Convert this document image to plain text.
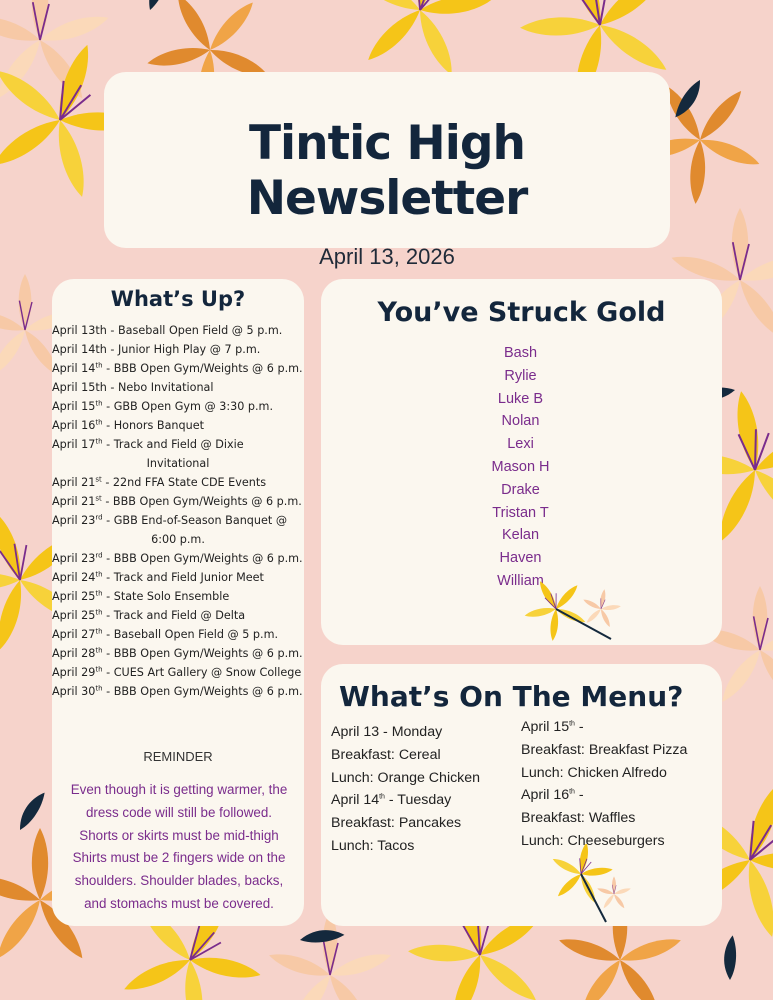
Tintic High Newsletter
April 13, 2026
What’s Up?
April 13th - Baseball Open Field @ 5 p.m.
April 14th - Junior High Play @ 7 p.m.
April 14th - BBB Open Gym/Weights @ 6 p.m.
April 15th - Nebo Invitational
April 15th - GBB Open Gym @ 3:30 p.m.
April 16th - Honors Banquet
April 17th - Track and Field @ Dixie
Invitational
April 21st - 22nd FFA State CDE Events
April 21st - BBB Open Gym/Weights @ 6 p.m.
April 23rd - GBB End-of-Season Banquet @
6:00 p.m.
April 23rd - BBB Open Gym/Weights @ 6 p.m.
April 24th - Track and Field Junior Meet
April 25th - State Solo Ensemble
April 25th - Track and Field @ Delta
April 27th - Baseball Open Field @ 5 p.m.
April 28th - BBB Open Gym/Weights @ 6 p.m.
April 29th - CUES Art Gallery @ Snow College
April 30th - BBB Open Gym/Weights @ 6 p.m.
REMINDER
Even though it is getting warmer, the
dress code will still be followed.
Shorts or skirts must be mid-thigh
Shirts must be 2 fingers wide on the
shoulders. Shoulder blades, backs,
and stomachs must be covered.
You’ve Struck Gold
Bash
Rylie
Luke B
Nolan
Lexi
Mason H
Drake
Tristan T
Kelan
Haven
William
What’s On The Menu?
April 13 - Monday
Breakfast: Cereal
Lunch: Orange Chicken
April 14th - Tuesday
Breakfast: Pancakes
Lunch: Tacos
April 15th -
Breakfast: Breakfast Pizza
Lunch: Chicken Alfredo
April 16th -
Breakfast: Waffles
Lunch: Cheeseburgers
